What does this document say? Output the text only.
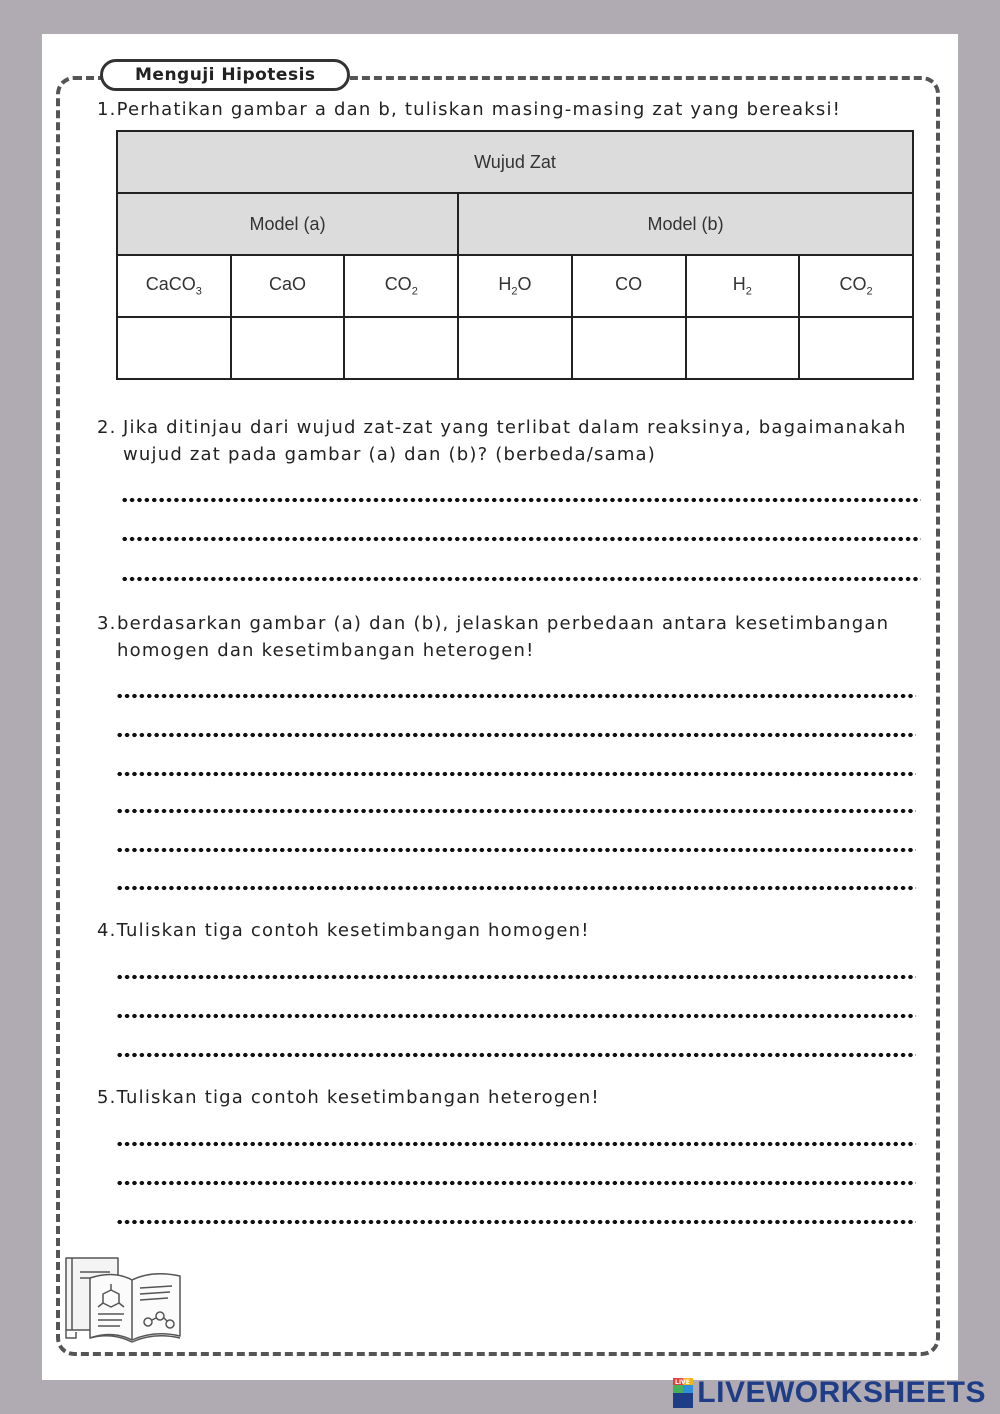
Menguji Hipotesis
1.Perhatikan gambar a dan b, tuliskan masing-masing zat yang bereaksi!
Wujud Zat						
Model (a)			Model (b)			
CaCO$_3$	CaO	$CO_2$	$H_2O$	CO	$H_2$	$CO_2$

2. Jika ditinjau dari wujud zat-zat yang terlibat dalam reaksinya, bagaimanakah
wujud zat pada gambar (a) dan (b)? (berbeda/sama)
3.berdasarkan gambar (a) dan (b), jelaskan perbedaan antara kesetimbangan
homogen dan kesetimbangan heterogen!
4.Tuliskan tiga contoh kesetimbangan homogen!
5.Tuliskan tiga contoh kesetimbangan heterogen!
LIVE LIVEWORKSHEETS
